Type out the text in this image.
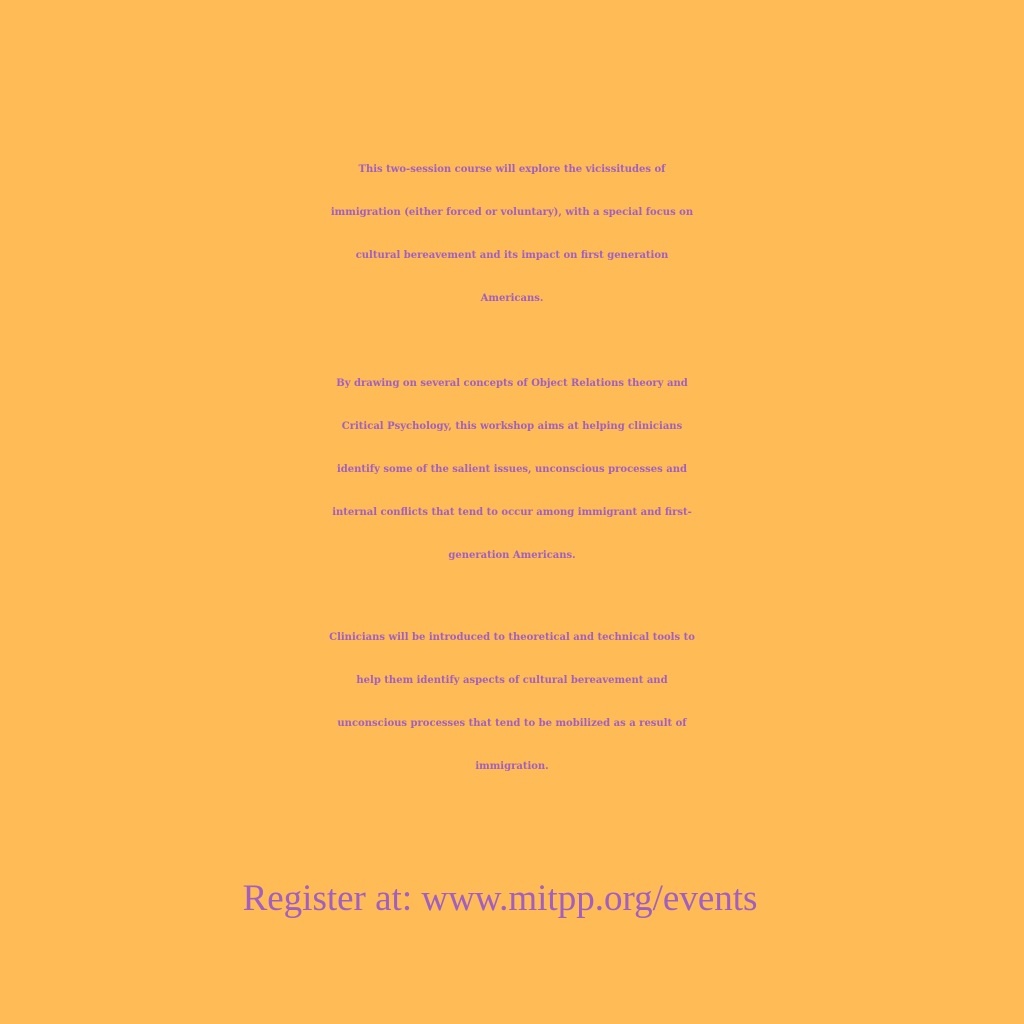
This two-session course will explore the vicissitudes of
immigration (either forced or voluntary), with a special focus on
cultural bereavement and its impact on first generation
Americans.

By drawing on several concepts of Object Relations theory and
Critical Psychology, this workshop aims at helping clinicians
identify some of the salient issues, unconscious processes and
internal conflicts that tend to occur among immigrant and first-
generation Americans.

Clinicians will be introduced to theoretical and technical tools to
help them identify aspects of cultural bereavement and
unconscious processes that tend to be mobilized as a result of
immigration.

Register at: www.mitpp.org/events
